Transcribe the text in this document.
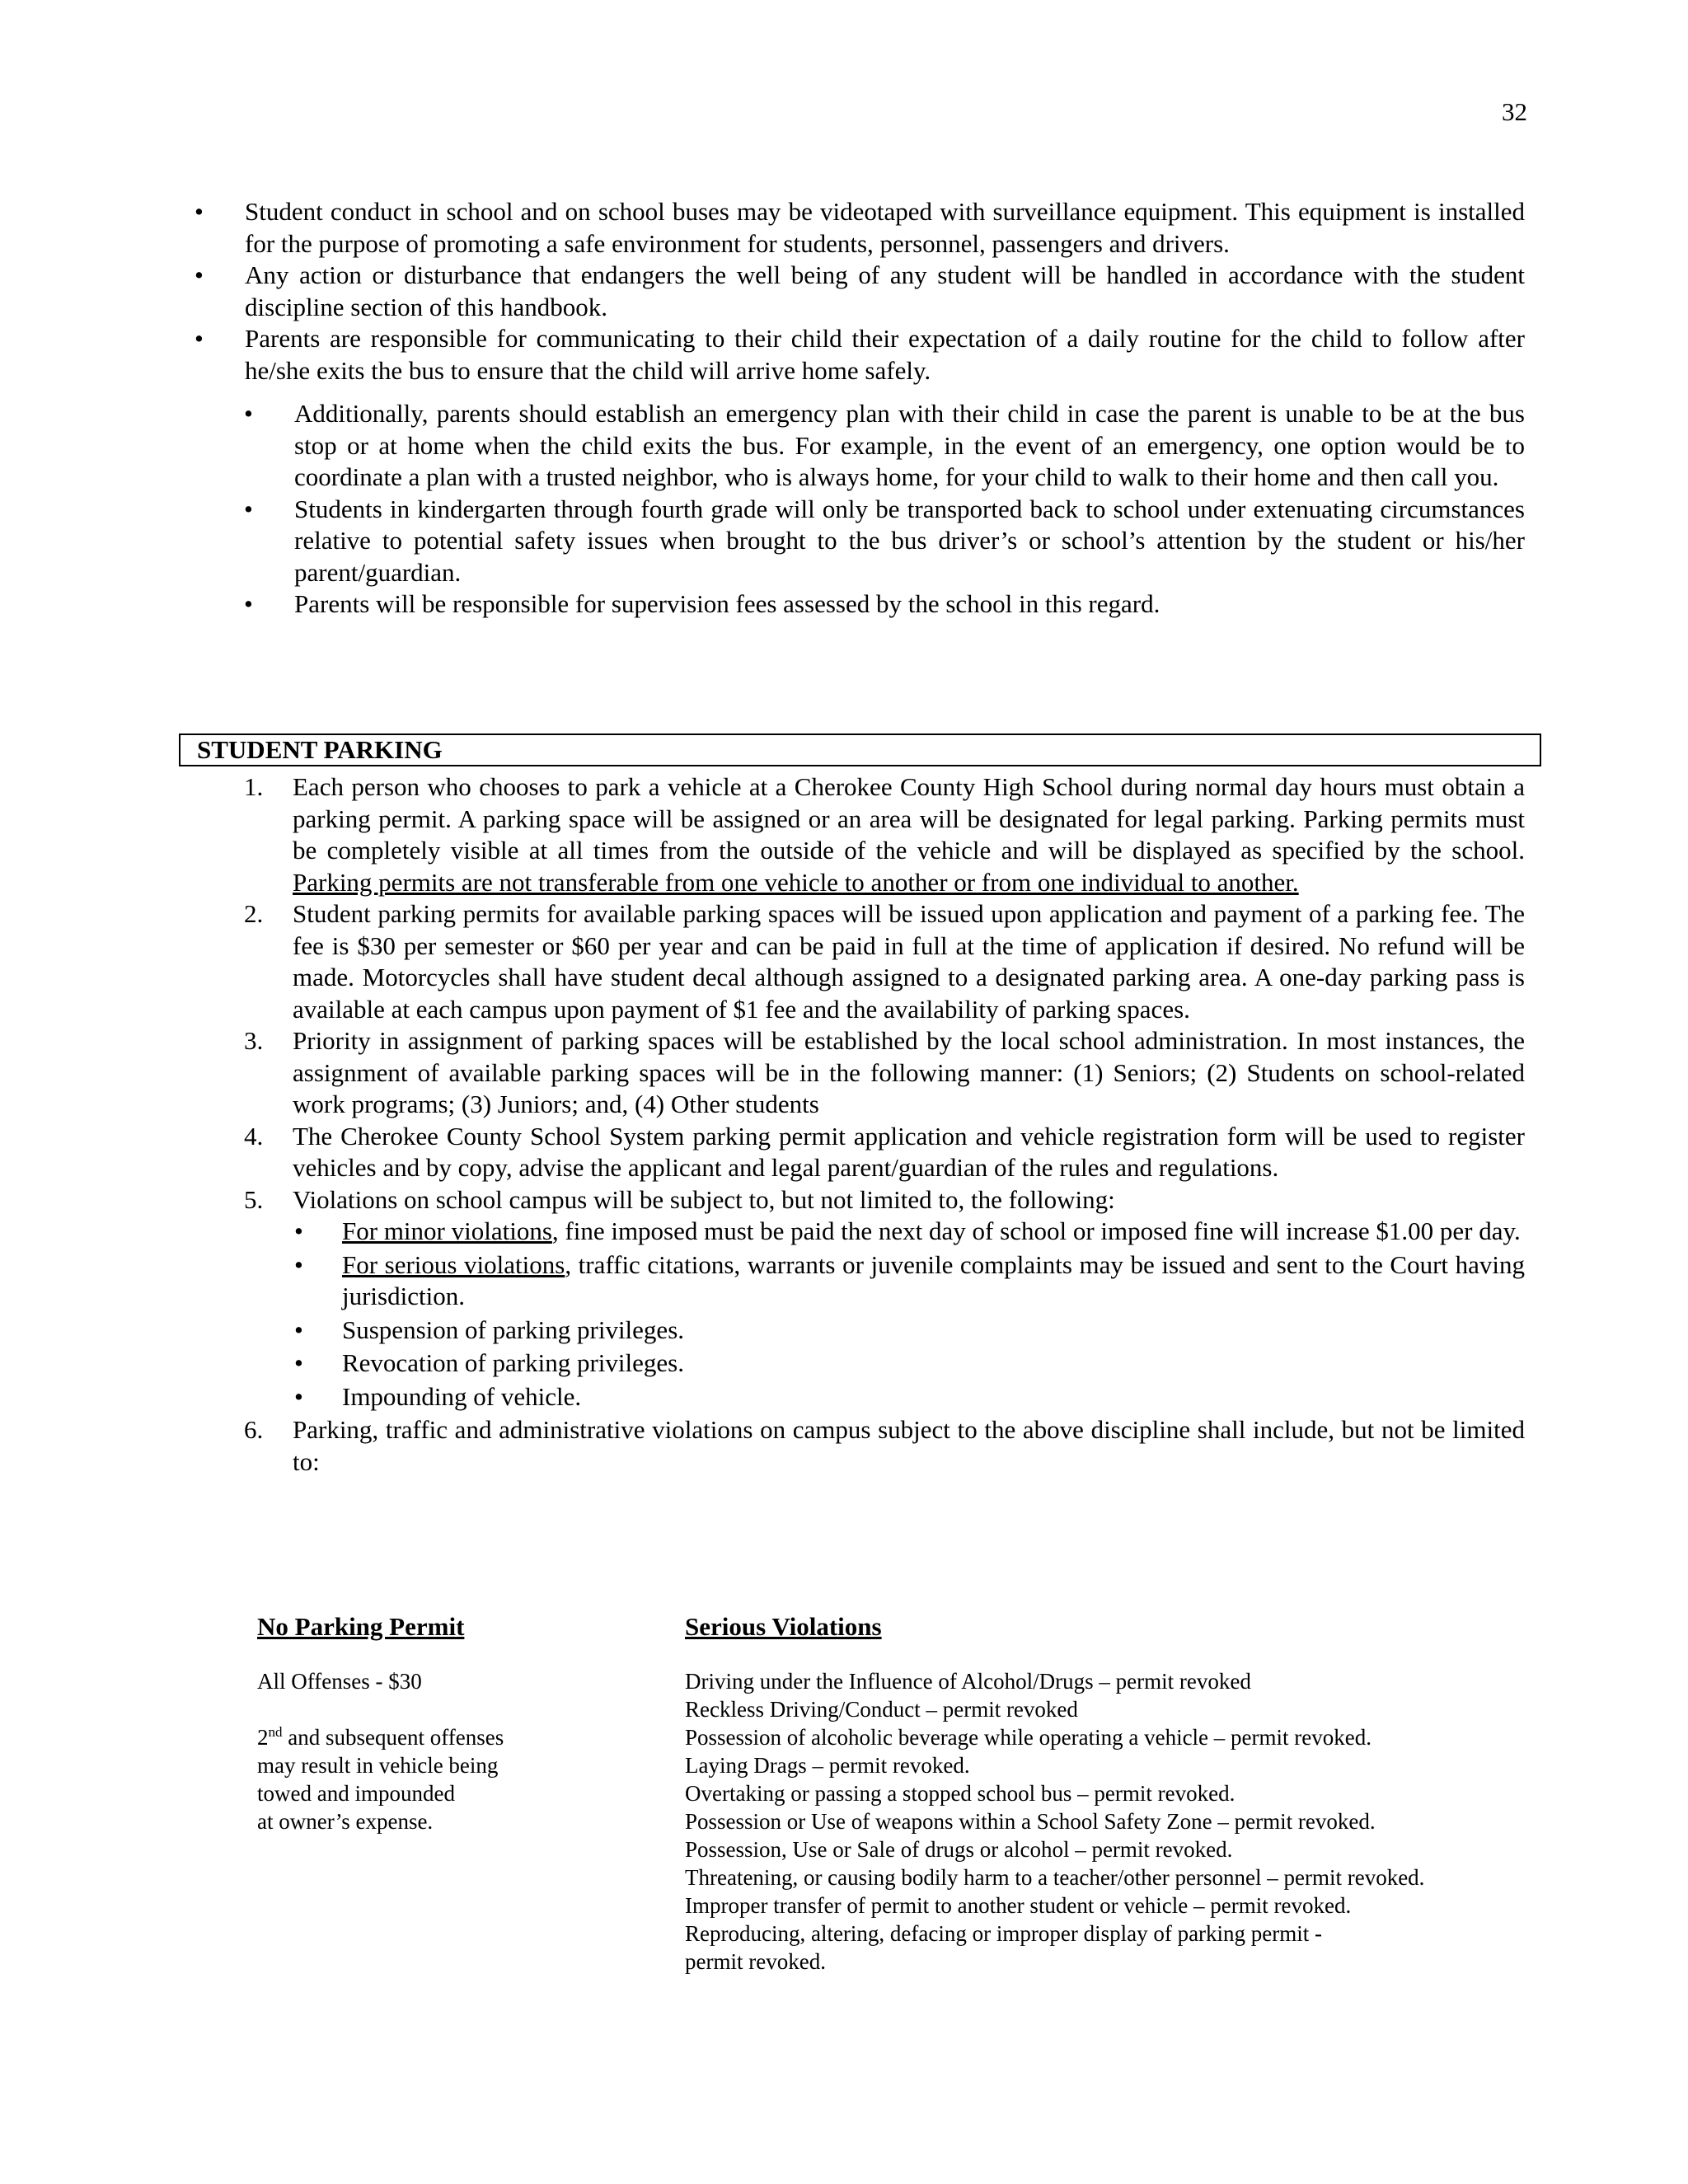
32
• Student conduct in school and on school buses may be videotaped with surveillance equipment. This equipment is installed for the purpose of promoting a safe environment for students, personnel, passengers and drivers.
• Any action or disturbance that endangers the well being of any student will be handled in accordance with the student discipline section of this handbook.
• Parents are responsible for communicating to their child their expectation of a daily routine for the child to follow after he/she exits the bus to ensure that the child will arrive home safely.
• Additionally, parents should establish an emergency plan with their child in case the parent is unable to be at the bus stop or at home when the child exits the bus. For example, in the event of an emergency, one option would be to coordinate a plan with a trusted neighbor, who is always home, for your child to walk to their home and then call you.
• Students in kindergarten through fourth grade will only be transported back to school under extenuating circumstances relative to potential safety issues when brought to the bus driver’s or school’s attention by the student or his/her parent/guardian.
• Parents will be responsible for supervision fees assessed by the school in this regard.
STUDENT PARKING
1. Each person who chooses to park a vehicle at a Cherokee County High School during normal day hours must obtain a parking permit. A parking space will be assigned or an area will be designated for legal parking. Parking permits must be completely visible at all times from the outside of the vehicle and will be displayed as specified by the school. Parking permits are not transferable from one vehicle to another or from one individual to another.
2. Student parking permits for available parking spaces will be issued upon application and payment of a parking fee. The fee is $30 per semester or $60 per year and can be paid in full at the time of application if desired. No refund will be made. Motorcycles shall have student decal although assigned to a designated parking area. A one-day parking pass is available at each campus upon payment of $1 fee and the availability of parking spaces.
3. Priority in assignment of parking spaces will be established by the local school administration. In most instances, the assignment of available parking spaces will be in the following manner: (1) Seniors; (2) Students on school-related work programs; (3) Juniors; and, (4) Other students
4. The Cherokee County School System parking permit application and vehicle registration form will be used to register vehicles and by copy, advise the applicant and legal parent/guardian of the rules and regulations.
5. Violations on school campus will be subject to, but not limited to, the following:
• For minor violations, fine imposed must be paid the next day of school or imposed fine will increase $1.00 per day.
• For serious violations, traffic citations, warrants or juvenile complaints may be issued and sent to the Court having jurisdiction.
• Suspension of parking privileges.
• Revocation of parking privileges.
• Impounding of vehicle.
6. Parking, traffic and administrative violations on campus subject to the above discipline shall include, but not be limited to:
No Parking Permit
All Offenses - $30
2nd and subsequent offenses
may result in vehicle being
towed and impounded
at owner’s expense.
Serious Violations
Driving under the Influence of Alcohol/Drugs – permit revoked
Reckless Driving/Conduct – permit revoked
Possession of alcoholic beverage while operating a vehicle – permit revoked.
Laying Drags – permit revoked.
Overtaking or passing a stopped school bus – permit revoked.
Possession or Use of weapons within a School Safety Zone – permit revoked.
Possession, Use or Sale of drugs or alcohol – permit revoked.
Threatening, or causing bodily harm to a teacher/other personnel – permit revoked.
Improper transfer of permit to another student or vehicle – permit revoked.
Reproducing, altering, defacing or improper display of parking permit -
permit revoked.
